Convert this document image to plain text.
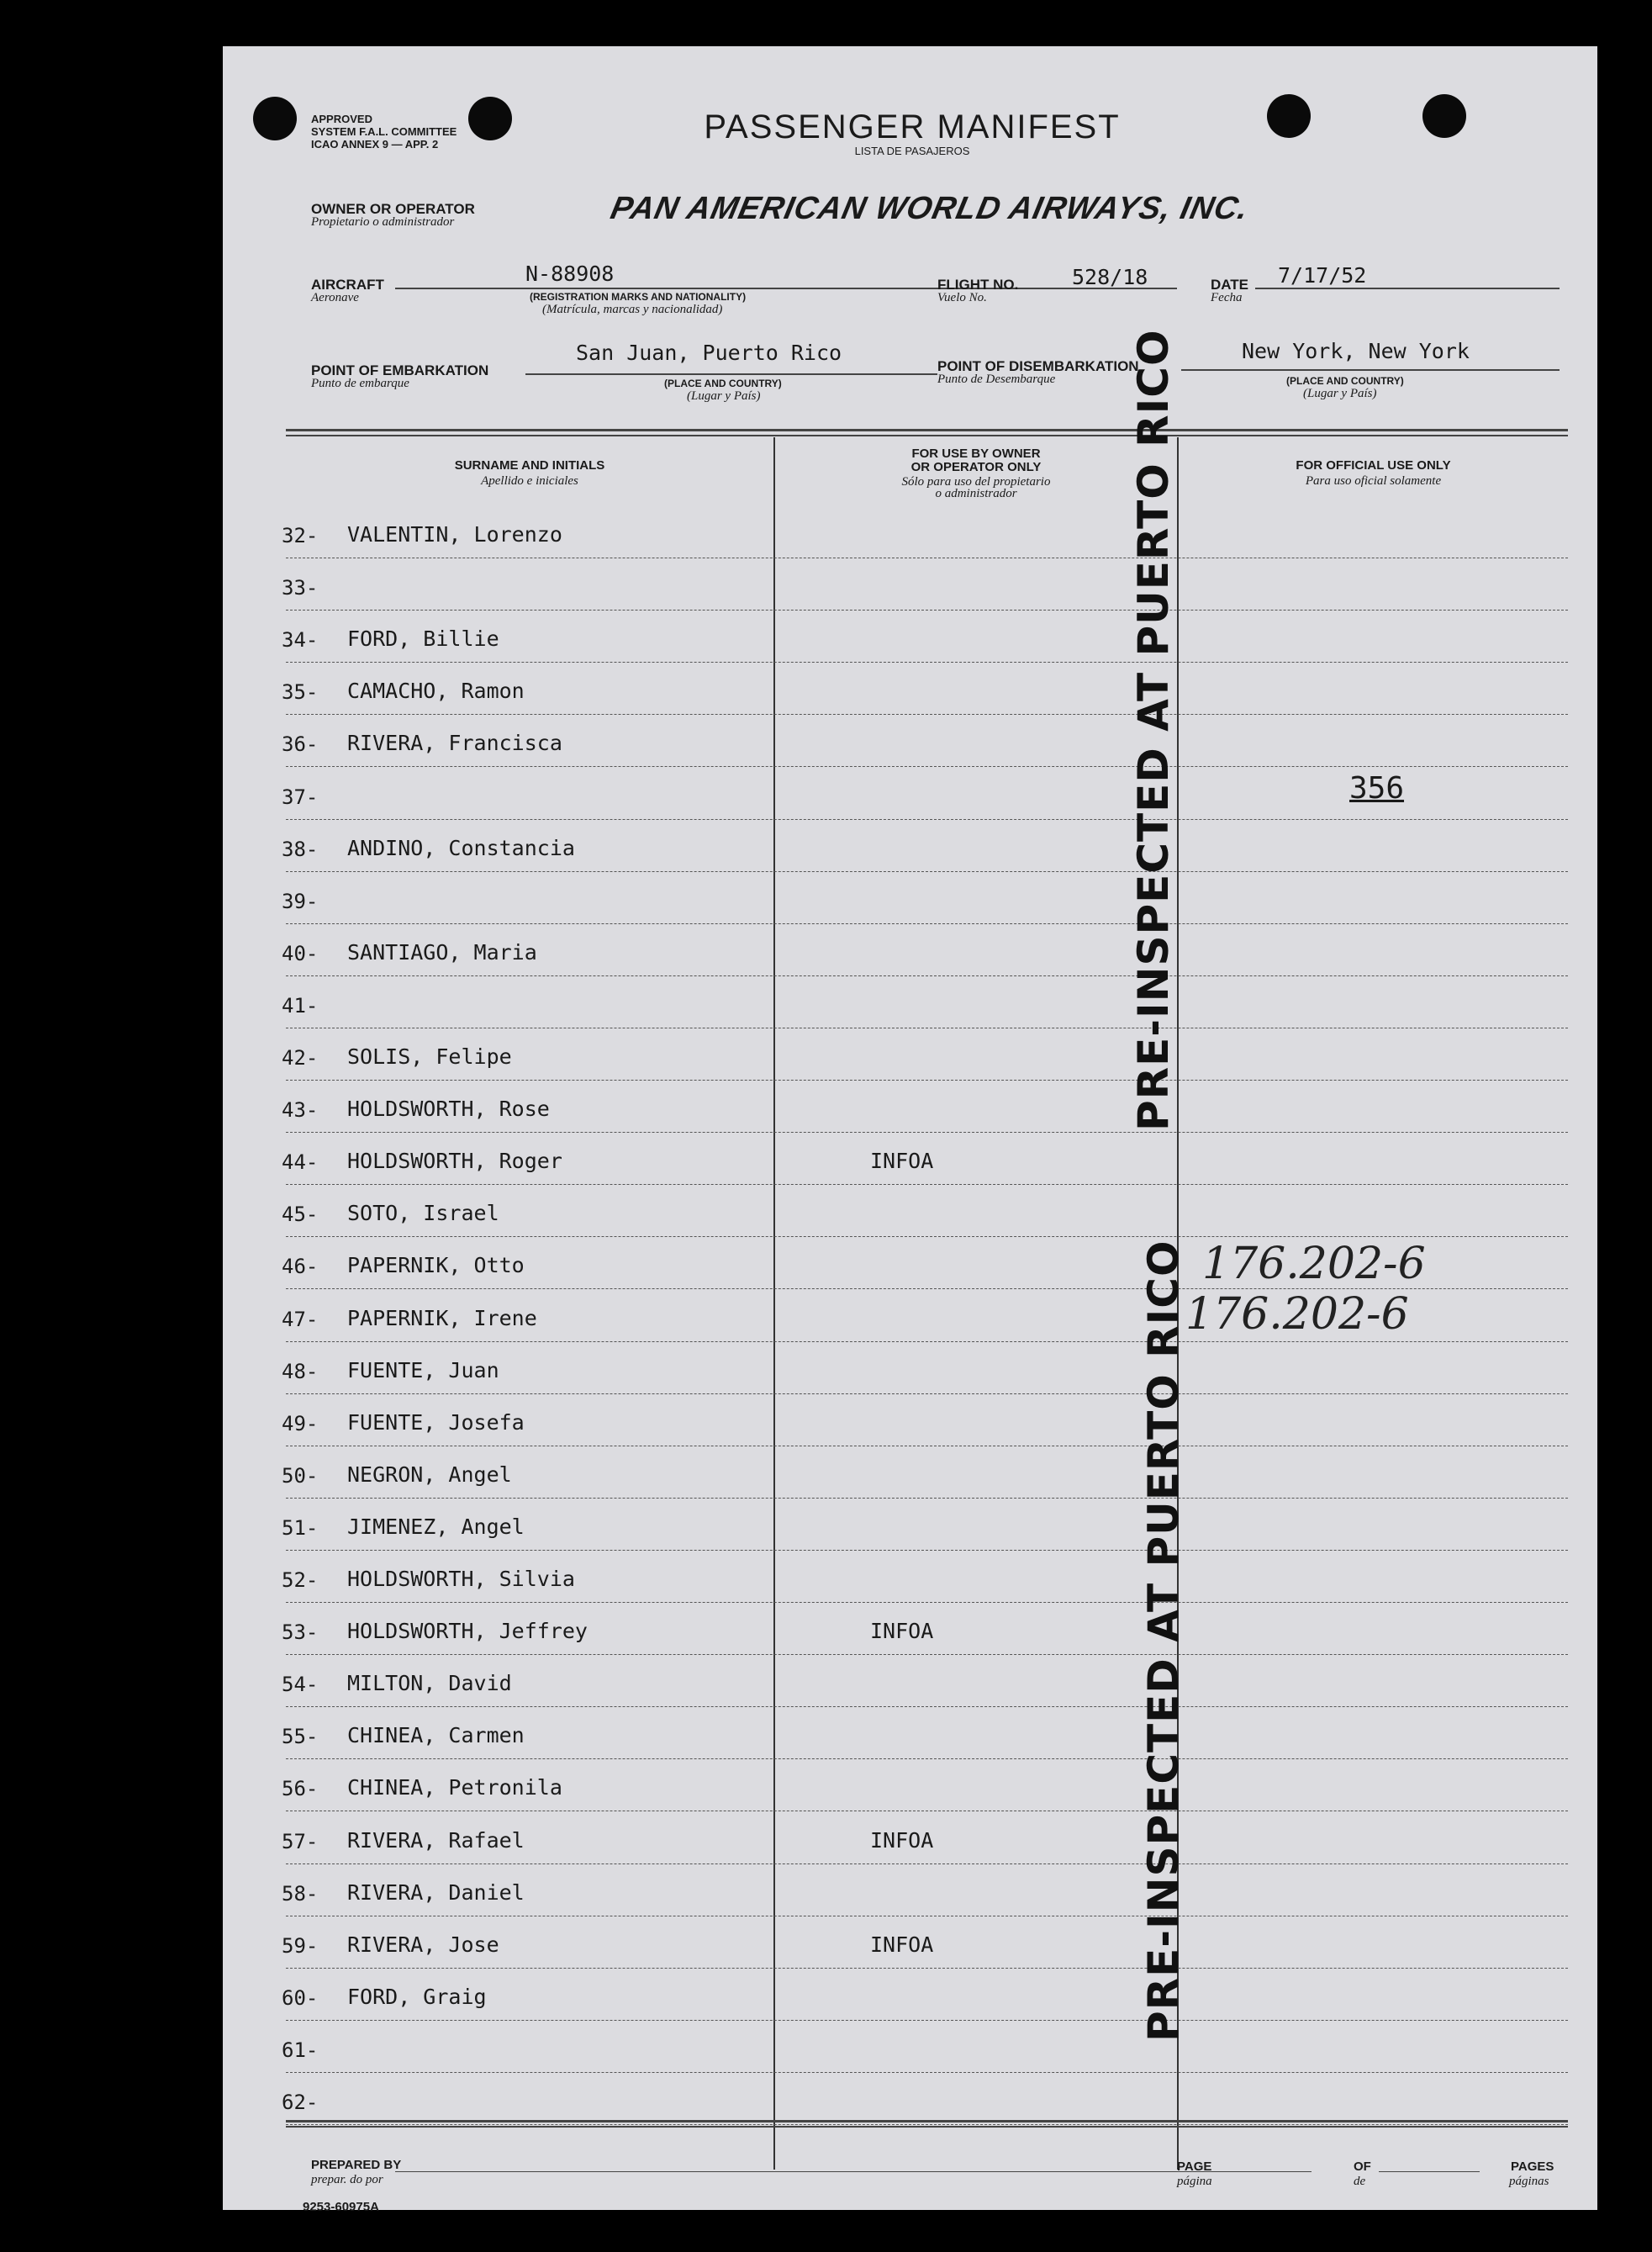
APPROVED
SYSTEM F.A.L. COMMITTEE
ICAO ANNEX 9 — APP. 2	PASSENGER MANIFEST
LISTA DE PASAJEROS
OWNER OR OPERATOR
Propietario o administrador	PAN AMERICAN WORLD AIRWAYS, INC.
AIRCRAFT
Aeronave
N-88908
(REGISTRATION MARKS AND NATIONALITY)
(Matrícula, marcas y nacionalidad)
FLIGHT NO.
Vuelo No.
528/18	DATE
Fecha
7/17/52
POINT OF EMBARKATION
Punto de embarque
San Juan, Puerto Rico
(PLACE AND COUNTRY)
(Lugar y País)
POINT OF DISEMBARKATION
Punto de Desembarque
New York, New York
(PLACE AND COUNTRY)
(Lugar y País)
SURNAME AND INITIALS
Apellido e iniciales
FOR USE BY OWNER
OR OPERATOR ONLY
Sólo para uso del propietario
o administrador
FOR OFFICIAL USE ONLY
Para uso oficial solamente
32-	VALENTIN, Lorenzo
33-
34-	FORD, Billie
35-	CAMACHO, Ramon
36-	RIVERA, Francisca
37-
38-	ANDINO, Constancia
39-
40-	SANTIAGO, Maria
41-
42-	SOLIS, Felipe
43-	HOLDSWORTH, Rose
44-	HOLDSWORTH, Roger	INFOA
45-	SOTO, Israel
46-	PAPERNIK, Otto
47-	PAPERNIK, Irene
48-	FUENTE, Juan
49-	FUENTE, Josefa
50-	NEGRON, Angel
51-	JIMENEZ, Angel
52-	HOLDSWORTH, Silvia
53-	HOLDSWORTH, Jeffrey	INFOA
54-	MILTON, David
55-	CHINEA, Carmen
56-	CHINEA, Petronila
57-	RIVERA, Rafael	INFOA
58-	RIVERA, Daniel
59-	RIVERA, Jose	INFOA
60-	FORD, Graig
61-
62-
356
PRE-INSPECTED AT PUERTO RICO
PRE-INSPECTED AT PUERTO RICO 176.202-6
176.202-6
PREPARED BY
prepar. do por
PAGE
página
OF
de
PAGES
páginas
9253-60975A
